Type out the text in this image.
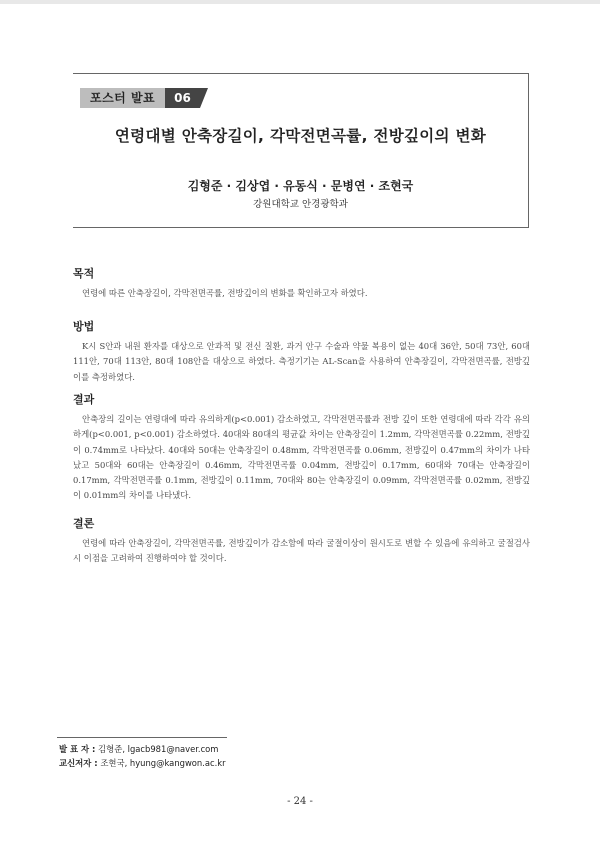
포스터 발표	06
연령대별 안축장길이, 각막전면곡률, 전방깊이의 변화
김형준 · 김상엽 · 유동식 · 문병연 · 조현국
강원대학교 안경광학과

목적

연령에 따른 안축장길이, 각막전면곡률, 전방깊이의 변화를 확인하고자 하였다.

방법

K시 S안과 내원 환자를 대상으로 안과적 및 전신 질환, 과거 안구 수술과 약물 복용이 없는 40대 36안, 50대 73안, 60대 111안, 70대 113안, 80대 108안을 대상으로 하였다. 측정기기는 AL-Scan을 사용하여 안축장길이, 각막전면곡률, 전방깊이를 측정하였다.

결과

안축장의 길이는 연령대에 따라 유의하게(p<0.001) 감소하였고, 각막전면곡률과 전방 깊이 또한 연령대에 따라 각각 유의하게(p<0.001, p<0.001) 감소하였다. 40대와 80대의 평균값 차이는 안축장길이 1.2mm, 각막전면곡률 0.22mm, 전방깊이 0.74mm로 나타났다. 40대와 50대는 안축장길이 0.48mm, 각막전면곡률 0.06mm, 전방깊이 0.47mm의 차이가 나타났고 50대와 60대는 안축장길이 0.46mm, 각막전면곡률 0.04mm, 전방깊이 0.17mm, 60대와 70대는 안축장길이 0.17mm, 각막전면곡률 0.1mm, 전방깊이 0.11mm, 70대와 80는 안축장길이 0.09mm, 각막전면곡률 0.02mm, 전방깊이 0.01mm의 차이를 나타냈다.

결론

연령에 따라 안축장길이, 각막전면곡률, 전방깊이가 감소함에 따라 굴절이상이 원시도로 변할 수 있음에 유의하고 굴절검사시 이점을 고려하여 진행하여야 할 것이다.

발 표 자 : 김형준, lgacb981@naver.com
교신저자 : 조현국, hyung@kangwon.ac.kr
- 24 -
